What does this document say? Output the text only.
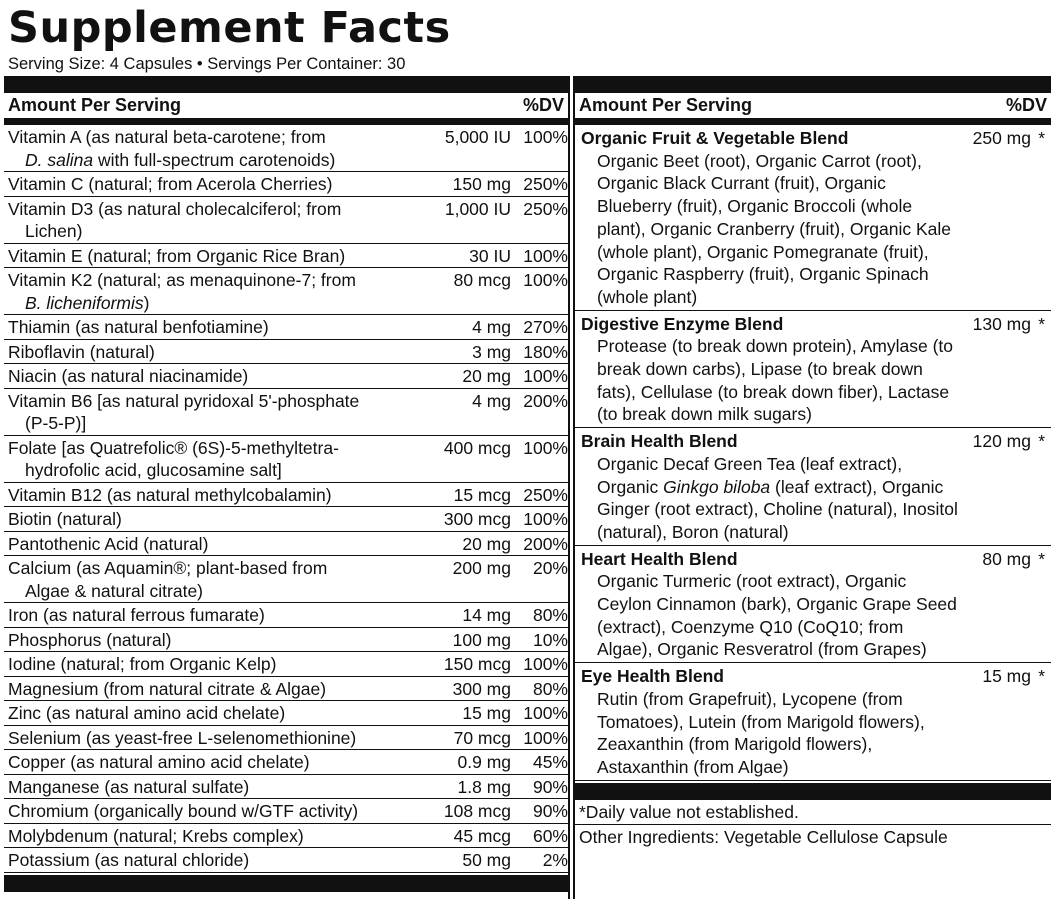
Supplement Facts
Serving Size: 4 Capsules • Servings Per Container: 30
Amount Per Serving	%DV
Vitamin A (as natural beta-carotene; from
D. salina with full-spectrum carotenoids)
5,000 IU 100%
Vitamin C (natural; from Acerola Cherries)	150 mg 250%
Vitamin D3 (as natural cholecalciferol; from
Lichen)
1,000 IU 250%
Vitamin E (natural; from Organic Rice Bran)	30 IU 100%
Vitamin K2 (natural; as menaquinone-7; from
B. licheniformis)
80 mcg 100%
Thiamin (as natural benfotiamine)	4 mg 270%
Riboflavin (natural)	3 mg 180%
Niacin (as natural niacinamide)	20 mg 100%
Vitamin B6 [as natural pyridoxal 5'-phosphate
(P-5-P)]
4 mg 200%
Folate [as Quatrefolic® (6S)-5-methyltetra-
hydrofolic acid, glucosamine salt]
400 mcg 100%
Vitamin B12 (as natural methylcobalamin)	15 mcg 250%
Biotin (natural)	300 mcg 100%
Pantothenic Acid (natural)	20 mg 200%
Calcium (as Aquamin®; plant-based from
Algae & natural citrate)
200 mg	20%
Iron (as natural ferrous fumarate)	14 mg	80%
Phosphorus (natural)	100 mg	10%
Iodine (natural; from Organic Kelp)	150 mcg 100%
Magnesium (from natural citrate & Algae)	300 mg	80%
Zinc (as natural amino acid chelate)	15 mg 100%
Selenium (as yeast-free L-selenomethionine)	70 mcg 100%
Copper (as natural amino acid chelate)	0.9 mg	45%
Manganese (as natural sulfate)	1.8 mg	90%
Chromium (organically bound w/GTF activity)	108 mcg	90%
Molybdenum (natural; Krebs complex)	45 mcg	60%
Potassium (as natural chloride)	50 mg	2%
Amount Per Serving	%DV
Organic Fruit & Vegetable Blend	250 mg *
Organic Beet (root), Organic Carrot (root), Organic Black Currant (fruit), Organic Blueberry (fruit), Organic Broccoli (whole plant), Organic Cranberry (fruit), Organic Kale (whole plant), Organic Pomegranate (fruit), Organic Raspberry (fruit), Organic Spinach (whole plant)
Digestive Enzyme Blend	130 mg *
Protease (to break down protein), Amylase (to break down carbs), Lipase (to break down fats), Cellulase (to break down fiber), Lactase (to break down milk sugars)
Brain Health Blend	120 mg *
Organic Decaf Green Tea (leaf extract), Organic Ginkgo biloba (leaf extract), Organic Ginger (root extract), Choline (natural), Inositol (natural), Boron (natural)
Heart Health Blend	80 mg *
Organic Turmeric (root extract), Organic Ceylon Cinnamon (bark), Organic Grape Seed (extract), Coenzyme Q10 (CoQ10; from Algae), Organic Resveratrol (from Grapes)
Eye Health Blend	15 mg *
Rutin (from Grapefruit), Lycopene (from Tomatoes), Lutein (from Marigold flowers), Zeaxanthin (from Marigold flowers), Astaxanthin (from Algae)
*Daily value not established.
Other Ingredients: Vegetable Cellulose Capsule
